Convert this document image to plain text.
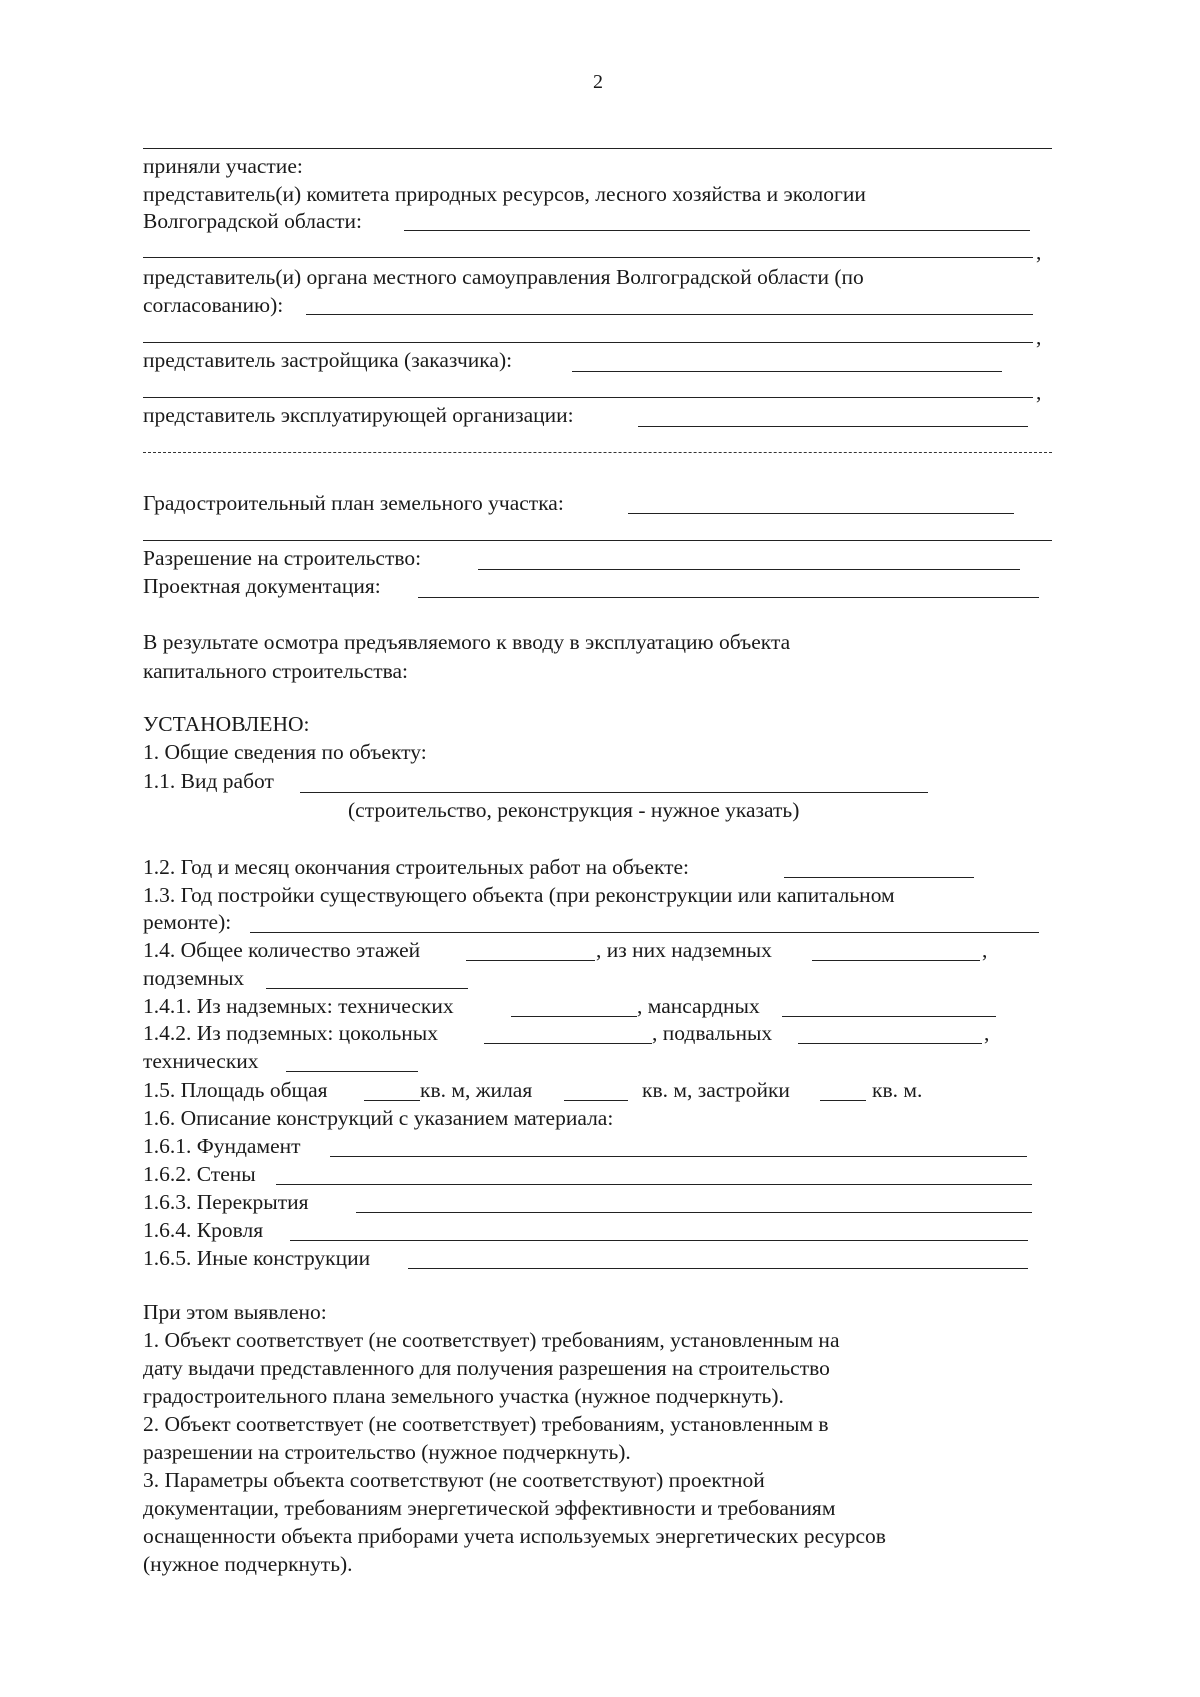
2
приняли участие:
представитель(и) комитета природных ресурсов, лесного хозяйства и экологии
Волгоградской области:
,
представитель(и) органа местного самоуправления Волгоградской области (по
согласованию):
,
представитель застройщика (заказчика):
,
представитель эксплуатирующей организации:
Градостроительный план земельного участка:
Разрешение на строительство:
Проектная документация:
В результате осмотра предъявляемого к вводу в эксплуатацию объекта
капитального строительства:
УСТАНОВЛЕНО:
1. Общие сведения по объекту:
1.1. Вид работ
(строительство, реконструкция - нужное указать)
1.2. Год и месяц окончания строительных работ на объекте:
1.3. Год постройки существующего объекта (при реконструкции или капитальном
ремонте):
1.4. Общее количество этажей	, из них надземных	,
подземных
1.4.1. Из надземных: технических	, мансардных
1.4.2. Из подземных: цокольных	, подвальных	,
технических
1.5. Площадь общая	кв. м, жилая	кв. м, застройки	кв. м.
1.6. Описание конструкций с указанием материала:
1.6.1. Фундамент
1.6.2. Стены
1.6.3. Перекрытия
1.6.4. Кровля
1.6.5. Иные конструкции
При этом выявлено:
1. Объект соответствует (не соответствует) требованиям, установленным на
дату выдачи представленного для получения разрешения на строительство
градостроительного плана земельного участка (нужное подчеркнуть).
2. Объект соответствует (не соответствует) требованиям, установленным в
разрешении на строительство (нужное подчеркнуть).
3. Параметры объекта соответствуют (не соответствуют) проектной
документации, требованиям энергетической эффективности и требованиям
оснащенности объекта приборами учета используемых энергетических ресурсов
(нужное подчеркнуть).
